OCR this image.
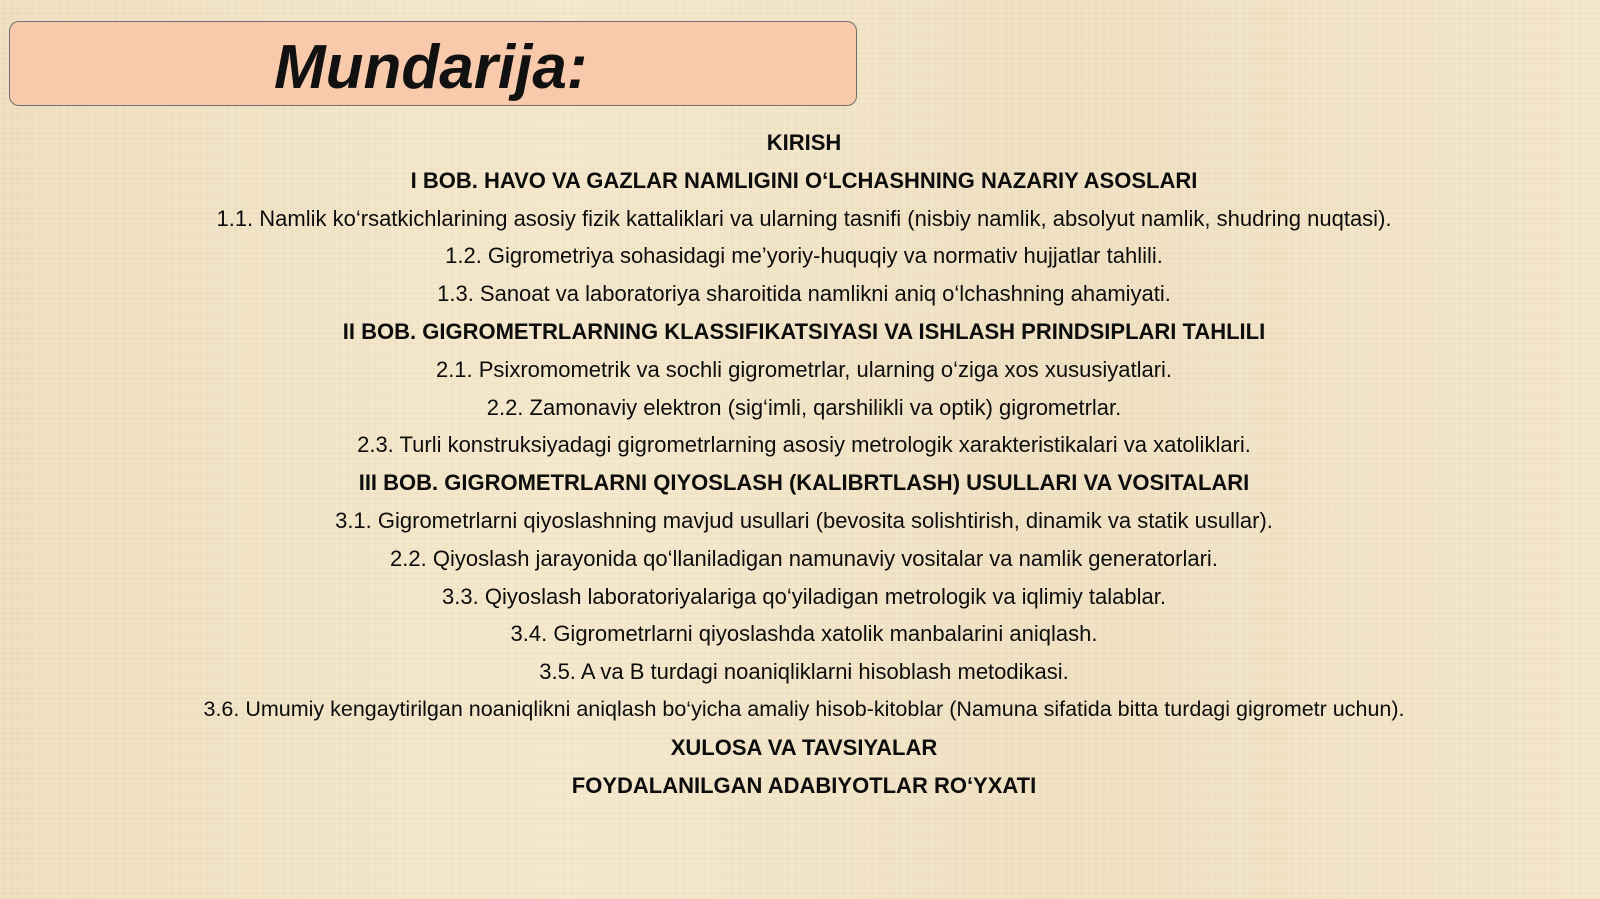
Mundarija:
KIRISH
I BOB. HAVO VA GAZLAR NAMLIGINI O‘LCHASHNING NAZARIY ASOSLARI
1.1. Namlik ko‘rsatkichlarining asosiy fizik kattaliklari va ularning tasnifi (nisbiy namlik, absolyut namlik, shudring nuqtasi).
1.2. Gigrometriya sohasidagi me’yoriy-huquqiy va normativ hujjatlar tahlili.
1.3. Sanoat va laboratoriya sharoitida namlikni aniq o‘lchashning ahamiyati.
II BOB. GIGROMETRLARNING KLASSIFIKATSIYASI VA ISHLASH PRINDSIPLARI TAHLILI
2.1. Psixromometrik va sochli gigrometrlar, ularning o‘ziga xos xususiyatlari.
2.2. Zamonaviy elektron (sig‘imli, qarshilikli va optik) gigrometrlar.
2.3. Turli konstruksiyadagi gigrometrlarning asosiy metrologik xarakteristikalari va xatoliklari.
III BOB. GIGROMETRLARNI QIYOSLASH (KALIBRTLASH) USULLARI VA VOSITALARI
3.1. Gigrometrlarni qiyoslashning mavjud usullari (bevosita solishtirish, dinamik va statik usullar).
2.2. Qiyoslash jarayonida qo‘llaniladigan namunaviy vositalar va namlik generatorlari.
3.3. Qiyoslash laboratoriyalariga qo‘yiladigan metrologik va iqlimiy talablar.
3.4. Gigrometrlarni qiyoslashda xatolik manbalarini aniqlash.
3.5. A va B turdagi noaniqliklarni hisoblash metodikasi.
3.6. Umumiy kengaytirilgan noaniqlikni aniqlash bo‘yicha amaliy hisob-kitoblar (Namuna sifatida bitta turdagi gigrometr uchun).
XULOSA VA TAVSIYALAR
FOYDALANILGAN ADABIYOTLAR RO‘YXATI
